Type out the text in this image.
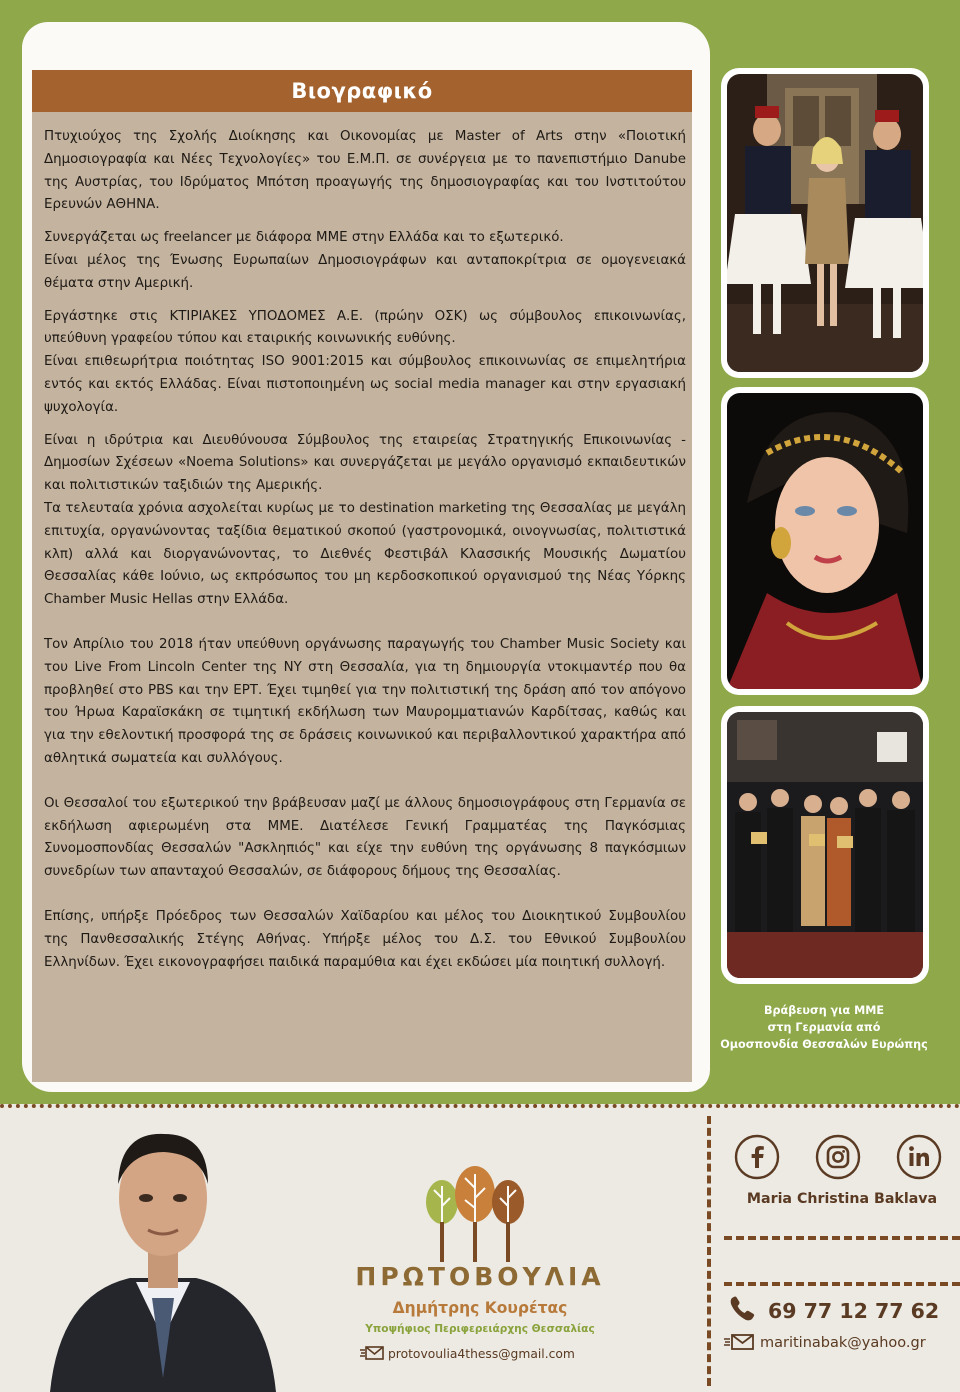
Βιογραφικό

Πτυχιούχος της Σχολής Διοίκησης και Οικονομίας με Master of Arts στην «Ποιοτική Δημοσιογραφία και Νέες Τεχνολογίες» του Ε.Μ.Π. σε συνέργεια με το πανεπιστήμιο Danube της Αυστρίας, του Ιδρύματος Μπότση προαγωγής της δημοσιογραφίας και του Ινστιτούτου Ερευνών ΑΘΗΝΑ.

Συνεργάζεται ως freelancer με διάφορα ΜΜΕ στην Ελλάδα και το εξωτερικό.

Είναι μέλος της Ένωσης Ευρωπαίων Δημοσιογράφων και ανταποκρίτρια σε ομογενειακά θέματα στην Αμερική.

Εργάστηκε στις ΚΤΙΡΙΑΚΕΣ ΥΠΟΔΟΜΕΣ Α.Ε. (πρώην ΟΣΚ) ως σύμβουλος επικοινωνίας, υπεύθυνη γραφείου τύπου και εταιρικής κοινωνικής ευθύνης.

Είναι επιθεωρήτρια ποιότητας ISO 9001:2015 και σύμβουλος επικοινωνίας σε επιμελητήρια εντός και εκτός Ελλάδας. Είναι πιστοποιημένη ως social media manager και στην εργασιακή ψυχολογία.

Είναι η ιδρύτρια και Διευθύνουσα Σύμβουλος της εταιρείας Στρατηγικής Επικοινωνίας - Δημοσίων Σχέσεων «Noema Solutions» και συνεργάζεται με μεγάλο οργανισμό εκπαιδευτικών και πολιτιστικών ταξιδιών της Αμερικής.

Τα τελευταία χρόνια ασχολείται κυρίως με το destination marketing της Θεσσαλίας με μεγάλη επιτυχία, οργανώνοντας ταξίδια θεματικού σκοπού (γαστρονομικά, οινογνωσίας, πολιτιστικά κλπ) αλλά και διοργανώνοντας, το Διεθνές Φεστιβάλ Κλασσικής Μουσικής Δωματίου Θεσσαλίας κάθε Ιούνιο, ως εκπρόσωπος του μη κερδοσκοπικού οργανισμού της Νέας Υόρκης Chamber Music Hellas στην Ελλάδα.

Τον Απρίλιο του 2018 ήταν υπεύθυνη οργάνωσης παραγωγής του Chamber Music Society και του Live From Lincoln Center της ΝΥ στη Θεσσαλία, για τη δημιουργία ντοκιμαντέρ που θα προβληθεί στο PBS και την ΕΡΤ. Έχει τιμηθεί για την πολιτιστική της δράση από τον απόγονο του Ήρωα Καραϊσκάκη σε τιμητική εκδήλωση των Μαυρομματιανών Καρδίτσας, καθώς και για την εθελοντική προσφορά της σε δράσεις κοινωνικού και περιβαλλοντικού χαρακτήρα από αθλητικά σωματεία και συλλόγους.

Οι Θεσσαλοί του εξωτερικού την βράβευσαν μαζί με άλλους δημοσιογράφους στη Γερμανία σε εκδήλωση αφιερωμένη στα ΜΜΕ. Διατέλεσε Γενική Γραμματέας της Παγκόσμιας Συνομοσπονδίας Θεσσαλών "Ασκληπιός" και είχε την ευθύνη της οργάνωσης 8 παγκόσμιων συνεδρίων των απανταχού Θεσσαλών, σε διάφορους δήμους της Θεσσαλίας.

Επίσης, υπήρξε Πρόεδρος των Θεσσαλών Χαϊδαρίου και μέλος του Διοικητικού Συμβουλίου της Πανθεσσαλικής Στέγης Αθήνας. Υπήρξε μέλος του Δ.Σ. του Εθνικού Συμβουλίου Ελληνίδων. Έχει εικονογραφήσει παιδικά παραμύθια και έχει εκδώσει μία ποιητική συλλογή.

Βράβευση για ΜΜΕ
στη Γερμανία από
Ομοσπονδία Θεσσαλών Ευρώπης
ΠΡΩΤΟΒΟΥΛΙΑ
Δημήτρης Κουρέτας
Υποψήφιος Περιφερειάρχης Θεσσαλίας
protovoulia4thess@gmail.com
Maria Christina Baklava
69 77 12 77 62
maritinabak@yahoo.gr
